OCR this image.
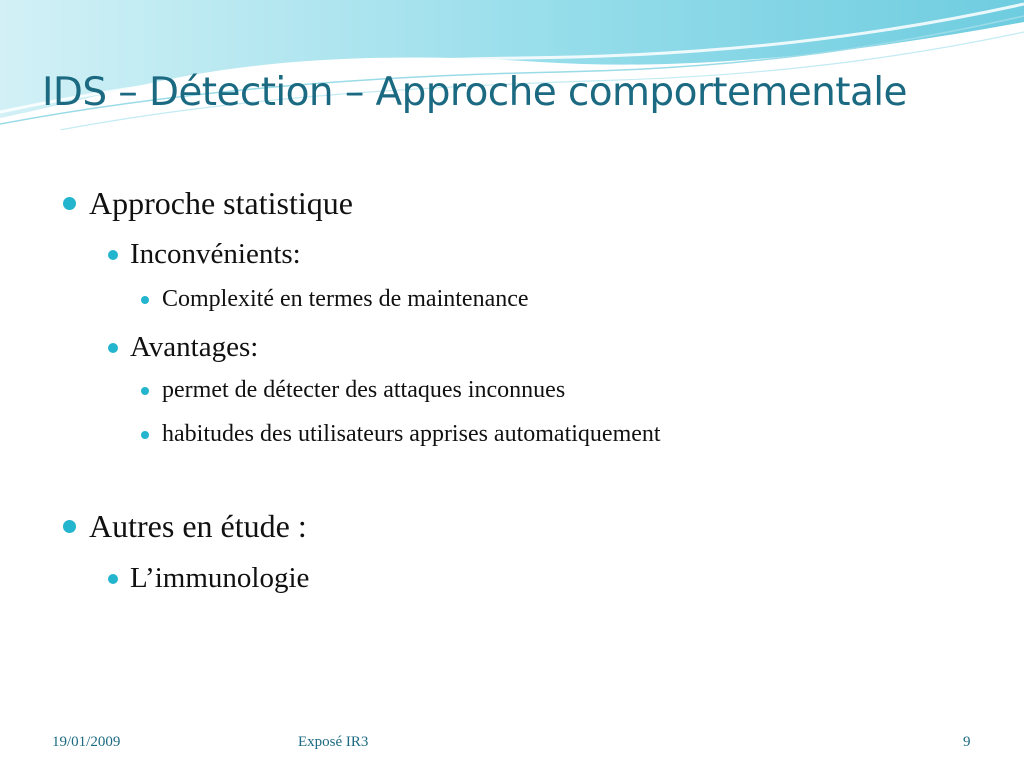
IDS – Détection – Approche comportementale
Approche statistique
Inconvénients:
Complexité en termes de maintenance
Avantages:
permet de détecter des attaques inconnues
habitudes des utilisateurs apprises automatiquement
Autres en étude :
L’immunologie
19/01/2009	Exposé IR3	9
